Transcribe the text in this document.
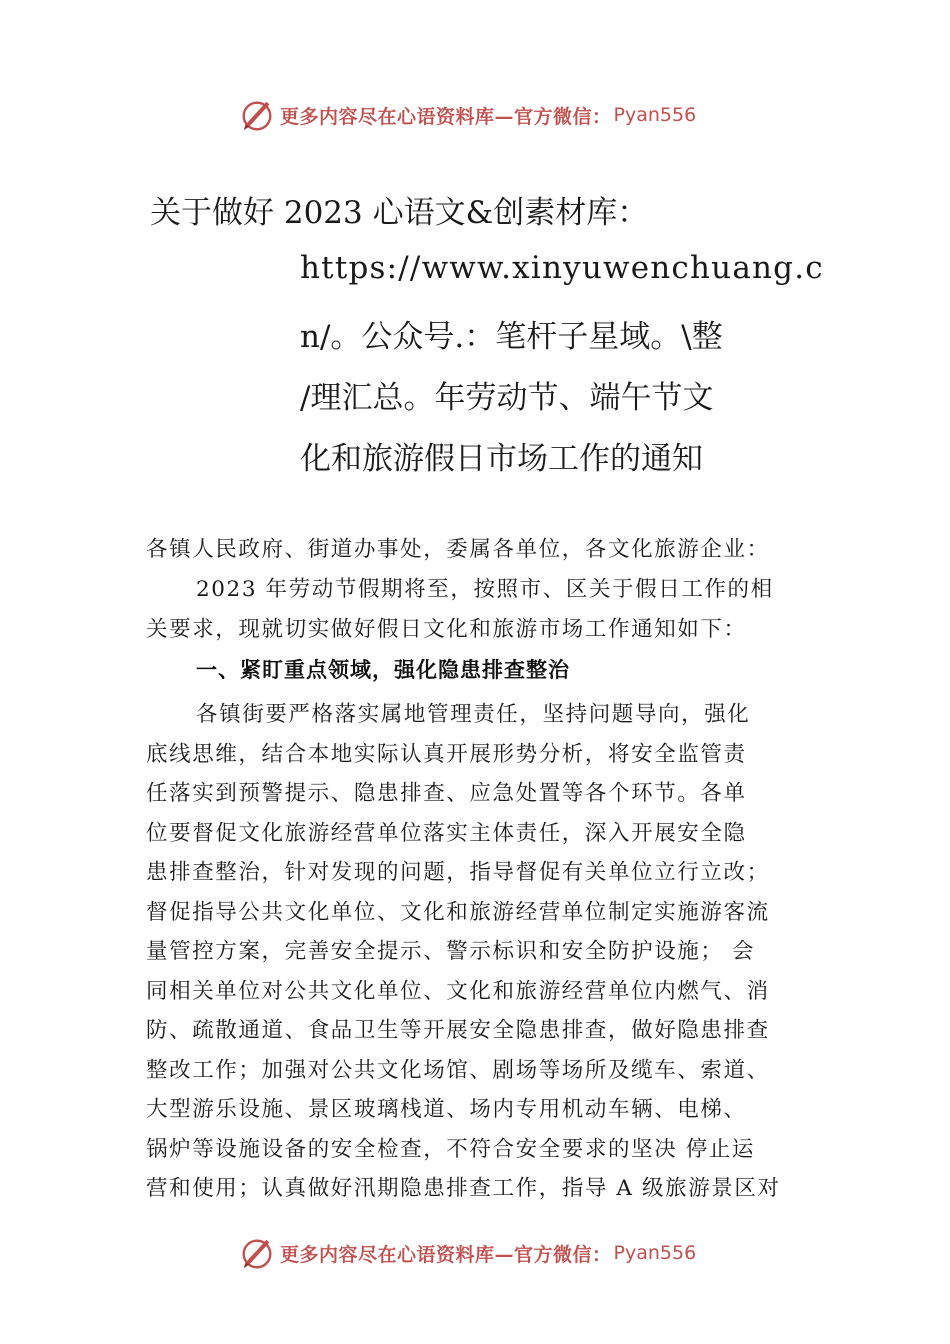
更多内容尽在心语资料库—官方微信： Pyan556
关于做好 2023 心语文&创素材库：
https://www.xinyuwenchuang.c
n/。公众号.：笔杆子星域。\整
/理汇总。年劳动节、端午节文
化和旅游假日市场工作的通知
各镇人民政府、街道办事处，委属各单位，各文化旅游企业：
2023 年劳动节假期将至，按照市、区关于假日工作的相
关要求，现就切实做好假日文化和旅游市场工作通知如下：
一、紧盯重点领域，强化隐患排查整治
各镇街要严格落实属地管理责任，坚持问题导向，强化
底线思维，结合本地实际认真开展形势分析，将安全监管责
任落实到预警提示、隐患排查、应急处置等各个环节。各单
位要督促文化旅游经营单位落实主体责任，深入开展安全隐
患排查整治，针对发现的问题，指导督促有关单位立行立改；
督促指导公共文化单位、文化和旅游经营单位制定实施游客流
量管控方案，完善安全提示、警示标识和安全防护设施； 会
同相关单位对公共文化单位、文化和旅游经营单位内燃气、消
防、疏散通道、食品卫生等开展安全隐患排查，做好隐患排查
整改工作；加强对公共文化场馆、剧场等场所及缆车、索道、
大型游乐设施、景区玻璃栈道、场内专用机动车辆、电梯、
锅炉等设施设备的安全检查，不符合安全要求的坚决 停止运
营和使用；认真做好汛期隐患排查工作，指导 A 级旅游景区对
更多内容尽在心语资料库—官方微信： Pyan556
